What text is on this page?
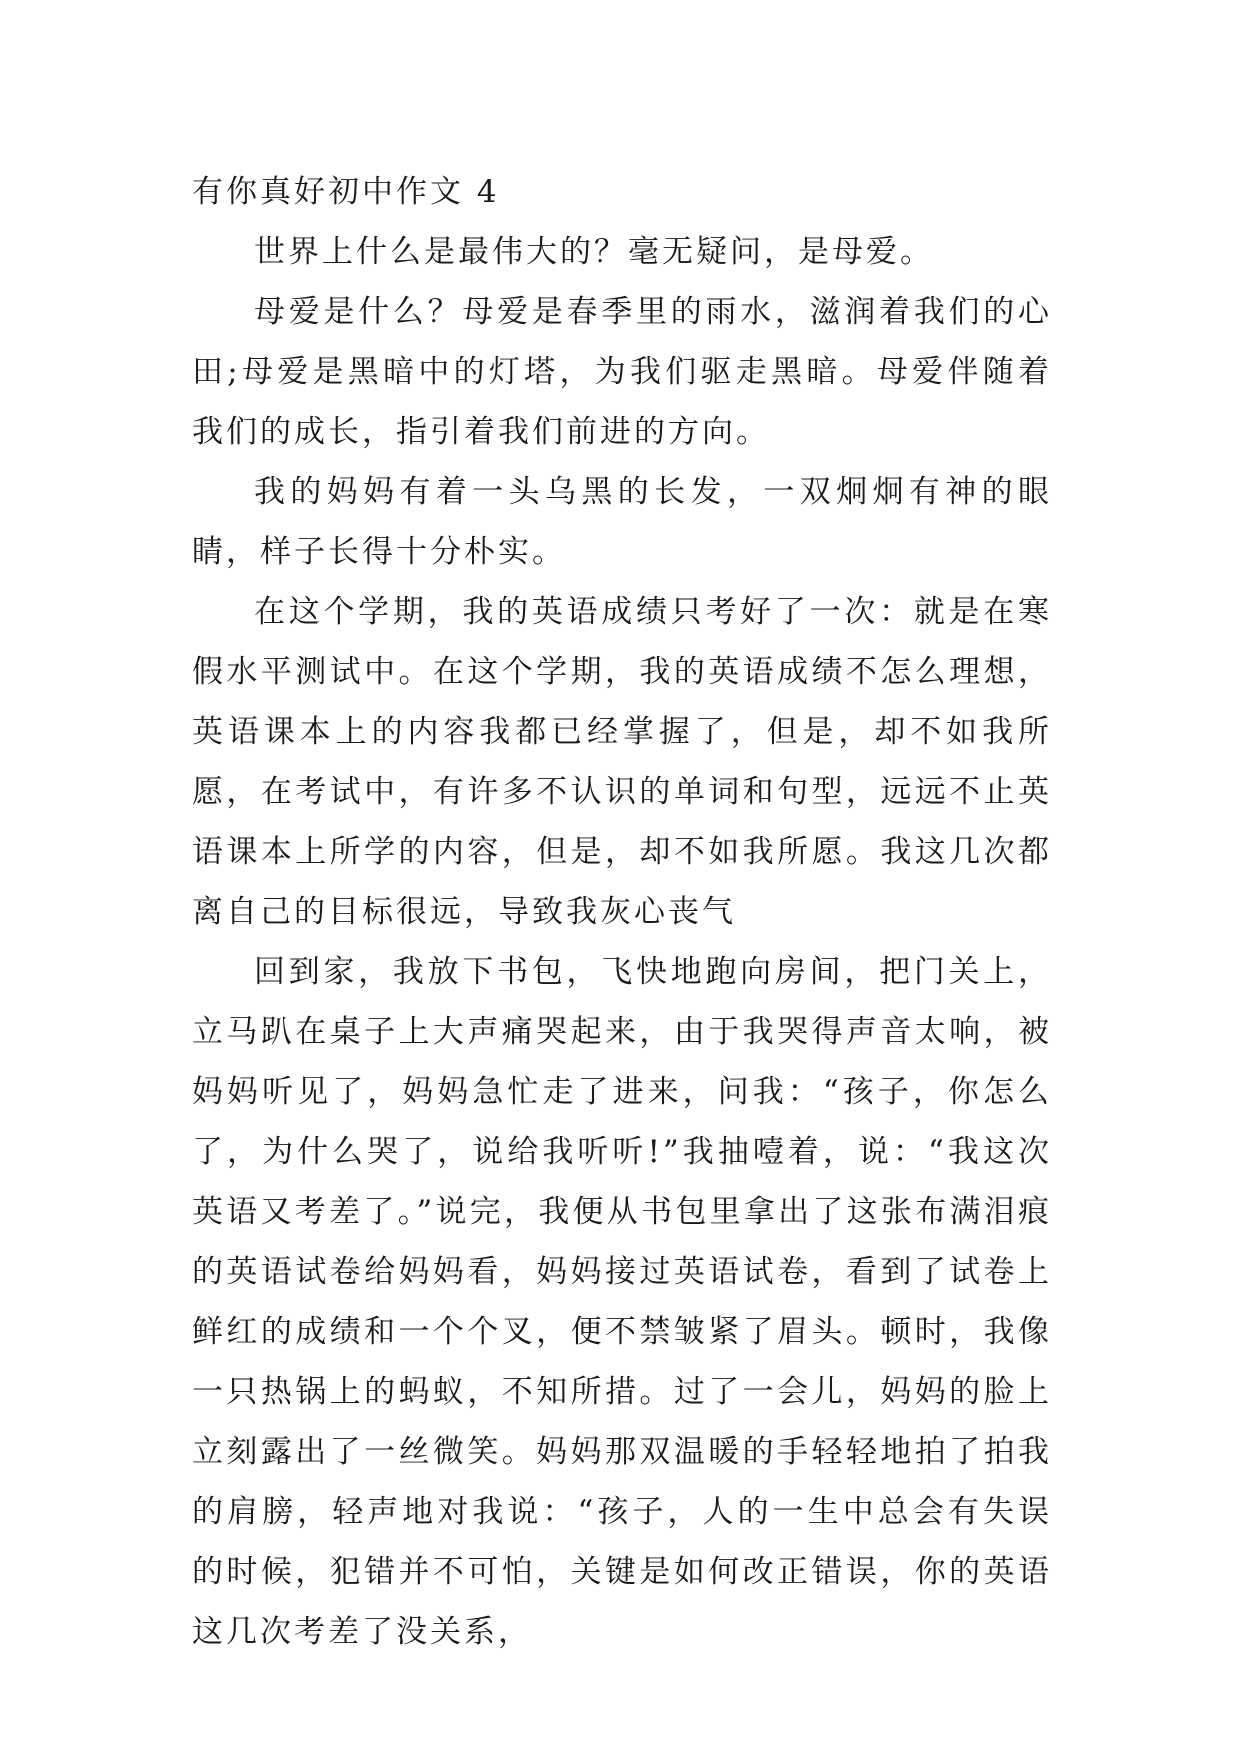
有你真好初中作文 4

世界上什么是最伟大的？毫无疑问，是母爱。

母爱是什么？母爱是春季里的雨水，滋润着我们的心田;母爱是黑暗中的灯塔，为我们驱走黑暗。母爱伴随着我们的成长，指引着我们前进的方向。

我的妈妈有着一头乌黑的长发，一双炯炯有神的眼睛，样子长得十分朴实。

在这个学期，我的英语成绩只考好了一次：就是在寒假水平测试中。在这个学期，我的英语成绩不怎么理想，英语课本上的内容我都已经掌握了，但是，却不如我所愿，在考试中，有许多不认识的单词和句型，远远不止英语课本上所学的内容，但是，却不如我所愿。我这几次都离自己的目标很远，导致我灰心丧气

回到家，我放下书包，飞快地跑向房间，把门关上，立马趴在桌子上大声痛哭起来，由于我哭得声音太响，被妈妈听见了，妈妈急忙走了进来，问我：“孩子，你怎么了，为什么哭了，说给我听听!”我抽噎着，说：“我这次英语又考差了。”说完，我便从书包里拿出了这张布满泪痕的英语试卷给妈妈看，妈妈接过英语试卷，看到了试卷上鲜红的成绩和一个个叉，便不禁皱紧了眉头。顿时，我像一只热锅上的蚂蚁，不知所措。过了一会儿，妈妈的脸上立刻露出了一丝微笑。妈妈那双温暖的手轻轻地拍了拍我的肩膀，轻声地对我说：“孩子，人的一生中总会有失误的时候，犯错并不可怕，关键是如何改正错误，你的英语这几次考差了没关系，
